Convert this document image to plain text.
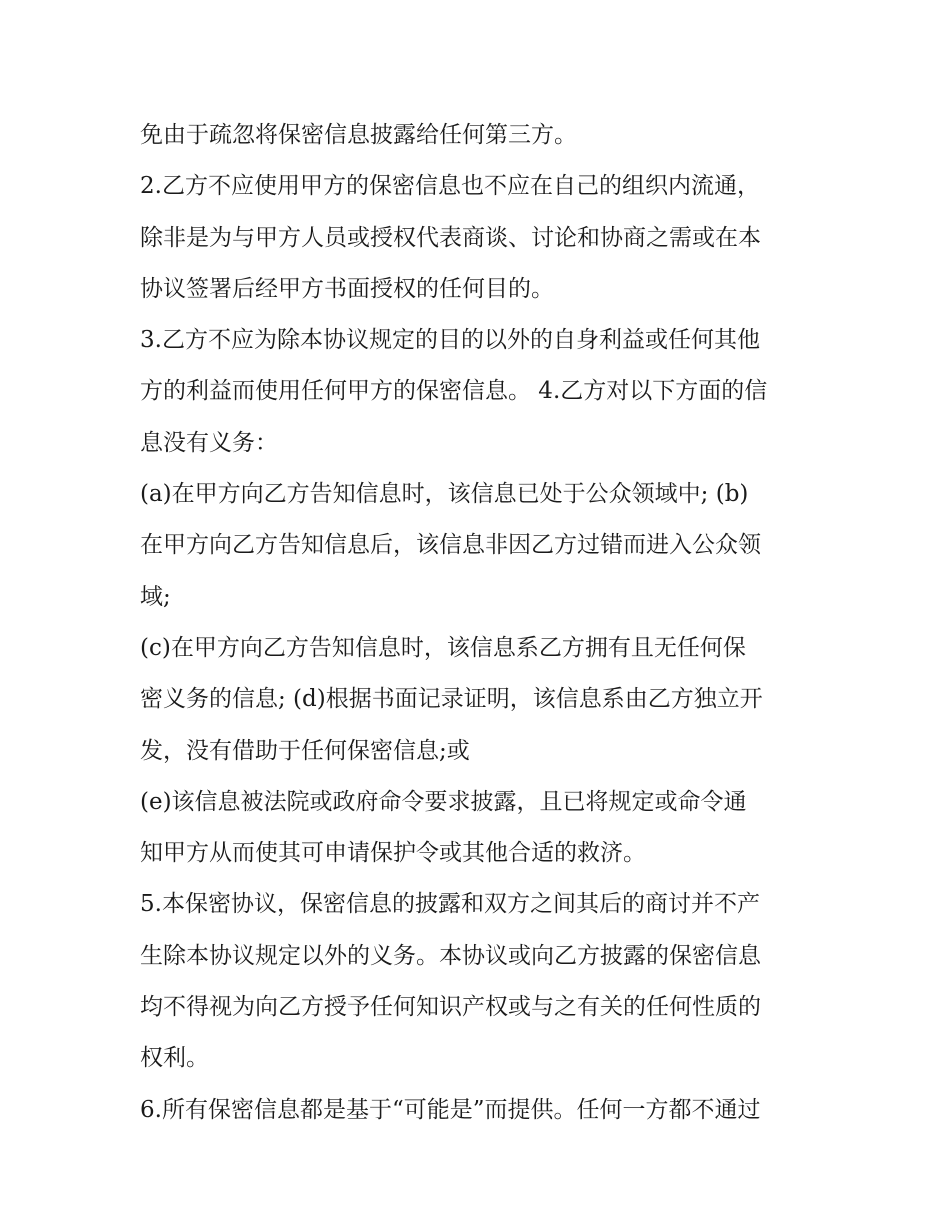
免由于疏忽将保密信息披露给任何第三方。
2.乙方不应使用甲方的保密信息也不应在自己的组织内流通，
除非是为与甲方人员或授权代表商谈、讨论和协商之需或在本
协议签署后经甲方书面授权的任何目的。
3.乙方不应为除本协议规定的目的以外的自身利益或任何其他
方的利益而使用任何甲方的保密信息。 4.乙方对以下方面的信
息没有义务：
(a)在甲方向乙方告知信息时，该信息已处于公众领域中; (b)
在甲方向乙方告知信息后，该信息非因乙方过错而进入公众领
域;
(c)在甲方向乙方告知信息时，该信息系乙方拥有且无任何保
密义务的信息; (d)根据书面记录证明，该信息系由乙方独立开
发，没有借助于任何保密信息;或
(e)该信息被法院或政府命令要求披露，且已将规定或命令通
知甲方从而使其可申请保护令或其他合适的救济。
5.本保密协议，保密信息的披露和双方之间其后的商讨并不产
生除本协议规定以外的义务。本协议或向乙方披露的保密信息
均不得视为向乙方授予任何知识产权或与之有关的任何性质的
权利。
6.所有保密信息都是基于“可能是”而提供。任何一方都不通过
